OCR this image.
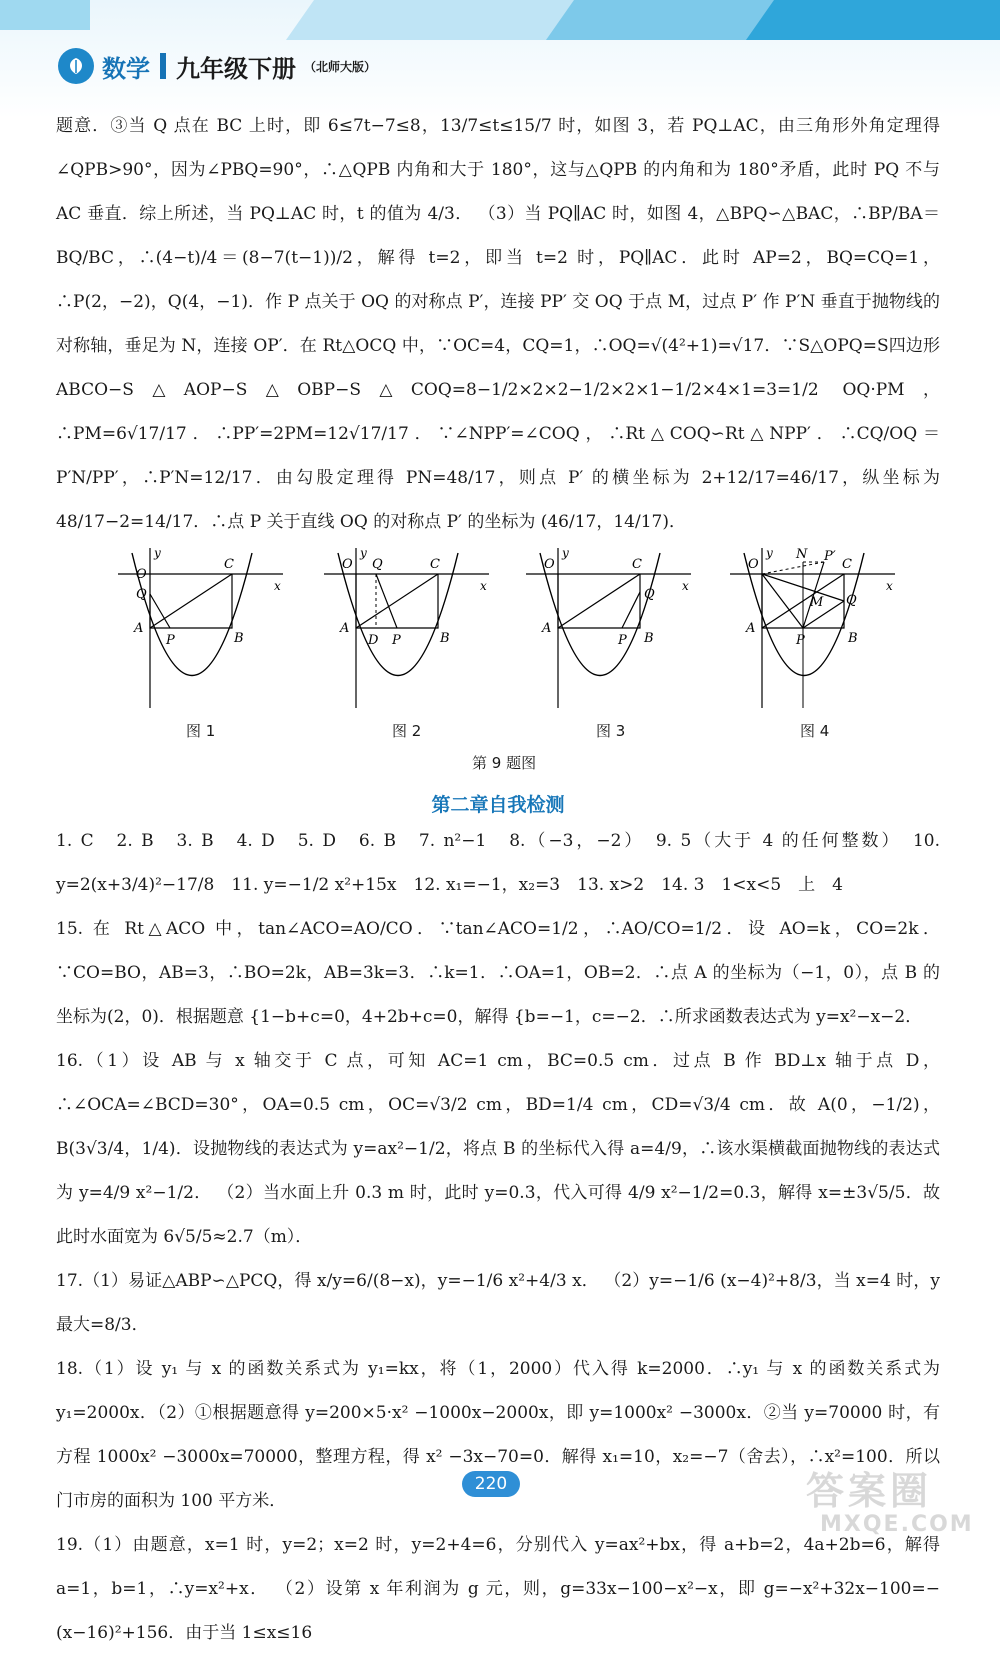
数学 九年级下册 （北师大版）

题意．③当 Q 点在 BC 上时，即 6≤7t−7≤8，13/7≤t≤15/7 时，如图 3，若 PQ⊥AC，由三角形外角定理得∠QPB>90°，因为∠PBQ=90°，∴△QPB 内角和大于 180°，这与△QPB 的内角和为 180°矛盾，此时 PQ 不与 AC 垂直．综上所述，当 PQ⊥AC 时，t 的值为 4/3． （3）当 PQ∥AC 时，如图 4，△BPQ∽△BAC，∴BP/BA＝BQ/BC，∴(4−t)/4＝(8−7(t−1))/2，解得 t=2，即当 t=2 时，PQ∥AC．此时 AP=2，BQ=CQ=1，∴P(2，−2)，Q(4，−1)．作 P 点关于 OQ 的对称点 P′，连接 PP′ 交 OQ 于点 M，过点 P′ 作 P′N 垂直于抛物线的对称轴，垂足为 N，连接 OP′．在 Rt△OCQ 中，∵OC=4，CQ=1，∴OQ=√(4²+1)=√17．∵S△OPQ=S四边形ABCO−S△AOP−S△OBP−S△COQ=8−1/2×2×2−1/2×2×1−1/2×4×1=3=1/2 OQ·PM，∴PM=6√17/17．∴PP′=2PM=12√17/17．∵∠NPP′=∠COQ，∴Rt△COQ∽Rt△NPP′．∴CQ/OQ＝P′N/PP′，∴P′N=12/17．由勾股定理得 PN=48/17，则点 P′ 的横坐标为 2+12/17=46/17，纵坐标为 48/17−2=14/17．∴点 P 关于直线 OQ 的对称点 P′ 的坐标为 (46/17，14/17)．

y
x
O
Q
C
A
P	B
图 1
y
x
O Q	C
A
D P	B
图 2
y
x
O	C
Q
A
P B
图 3
y
x
O
N P′
C
M Q
A
P	B
图 4
第 9 题图
第二章自我检测

1. C　2. B　3. B　4. D　5. D　6. B　7. n²−1　8.（−3，−2）　9. 5（大于 4 的任何整数）　10. y=2(x+3/4)²−17/8　11. y=−1/2 x²+15x　12. x₁=−1，x₂=3　13. x>2　14. 3　1<x<5　上　4

15. 在 Rt△ACO 中，tan∠ACO=AO/CO．∵tan∠ACO=1/2，∴AO/CO=1/2．设 AO=k，CO=2k．∵CO=BO，AB=3，∴BO=2k，AB=3k=3．∴k=1．∴OA=1，OB=2．∴点 A 的坐标为（−1，0），点 B 的坐标为(2，0)．根据题意 {1−b+c=0，4+2b+c=0，解得 {b=−1，c=−2．∴所求函数表达式为 y=x²−x−2．

16.（1）设 AB 与 x 轴交于 C 点，可知 AC=1 cm，BC=0.5 cm．过点 B 作 BD⊥x 轴于点 D，∴∠OCA=∠BCD=30°，OA=0.5 cm，OC=√3/2 cm，BD=1/4 cm，CD=√3/4 cm．故 A(0，−1/2)，B(3√3/4，1/4)．设抛物线的表达式为 y=ax²−1/2，将点 B 的坐标代入得 a=4/9，∴该水渠横截面抛物线的表达式为 y=4/9 x²−1/2． （2）当水面上升 0.3 m 时，此时 y=0.3，代入可得 4/9 x²−1/2=0.3，解得 x=±3√5/5．故此时水面宽为 6√5/5≈2.7（m）．

17.（1）易证△ABP∽△PCQ，得 x/y=6/(8−x)，y=−1/6 x²+4/3 x． （2）y=−1/6 (x−4)²+8/3，当 x=4 时，y最大=8/3．

18.（1）设 y₁ 与 x 的函数关系式为 y₁=kx，将（1，2000）代入得 k=2000．∴y₁ 与 x 的函数关系式为 y₁=2000x．（2）①根据题意得 y=200×5·x² −1000x−2000x，即 y=1000x² −3000x．②当 y=70000 时，有方程 1000x² −3000x=70000，整理方程，得 x² −3x−70=0．解得 x₁=10，x₂=−7（舍去），∴x²=100．所以门市房的面积为 100 平方米．

19.（1）由题意，x=1 时，y=2；x=2 时，y=2+4=6，分别代入 y=ax²+bx，得 a+b=2，4a+2b=6，解得 a=1，b=1，∴y=x²+x． （2）设第 x 年利润为 g 元，则，g=33x−100−x²−x，即 g=−x²+32x−100=−(x−16)²+156．由于当 1≤x≤16

220	答案圈
MXQE.COM
